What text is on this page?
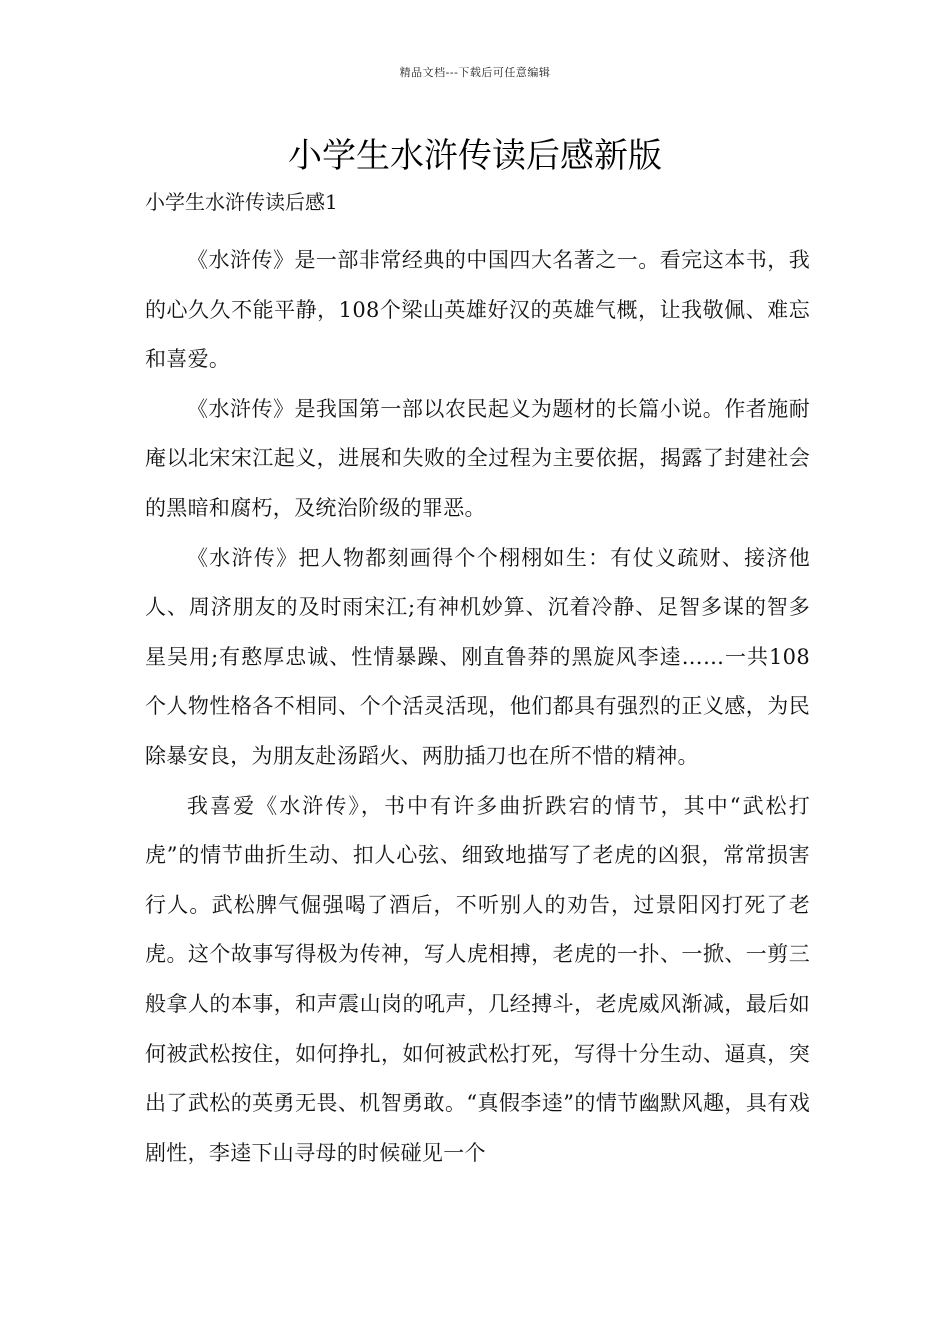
精品文档---下载后可任意编辑
小学生水浒传读后感新版
小学生水浒传读后感1

《水浒传》是一部非常经典的中国四大名著之一。看完这本书，我的心久久不能平静，108个梁山英雄好汉的英雄气概，让我敬佩、难忘和喜爱。

《水浒传》是我国第一部以农民起义为题材的长篇小说。作者施耐庵以北宋宋江起义，进展和失败的全过程为主要依据，揭露了封建社会的黑暗和腐朽，及统治阶级的罪恶。

《水浒传》把人物都刻画得个个栩栩如生：有仗义疏财、接济他人、周济朋友的及时雨宋江;有神机妙算、沉着冷静、足智多谋的智多星吴用;有憨厚忠诚、性情暴躁、刚直鲁莽的黑旋风李逵……一共108个人物性格各不相同、个个活灵活现，他们都具有强烈的正义感，为民除暴安良，为朋友赴汤蹈火、两肋插刀也在所不惜的精神。

我喜爱《水浒传》，书中有许多曲折跌宕的情节，其中“武松打虎”的情节曲折生动、扣人心弦、细致地描写了老虎的凶狠，常常损害行人。武松脾气倔强喝了酒后，不听别人的劝告，过景阳冈打死了老虎。这个故事写得极为传神，写人虎相搏，老虎的一扑、一掀、一剪三般拿人的本事，和声震山岗的吼声，几经搏斗，老虎威风渐减，最后如何被武松按住，如何挣扎，如何被武松打死，写得十分生动、逼真，突出了武松的英勇无畏、机智勇敢。“真假李逵”的情节幽默风趣，具有戏剧性，李逵下山寻母的时候碰见一个
